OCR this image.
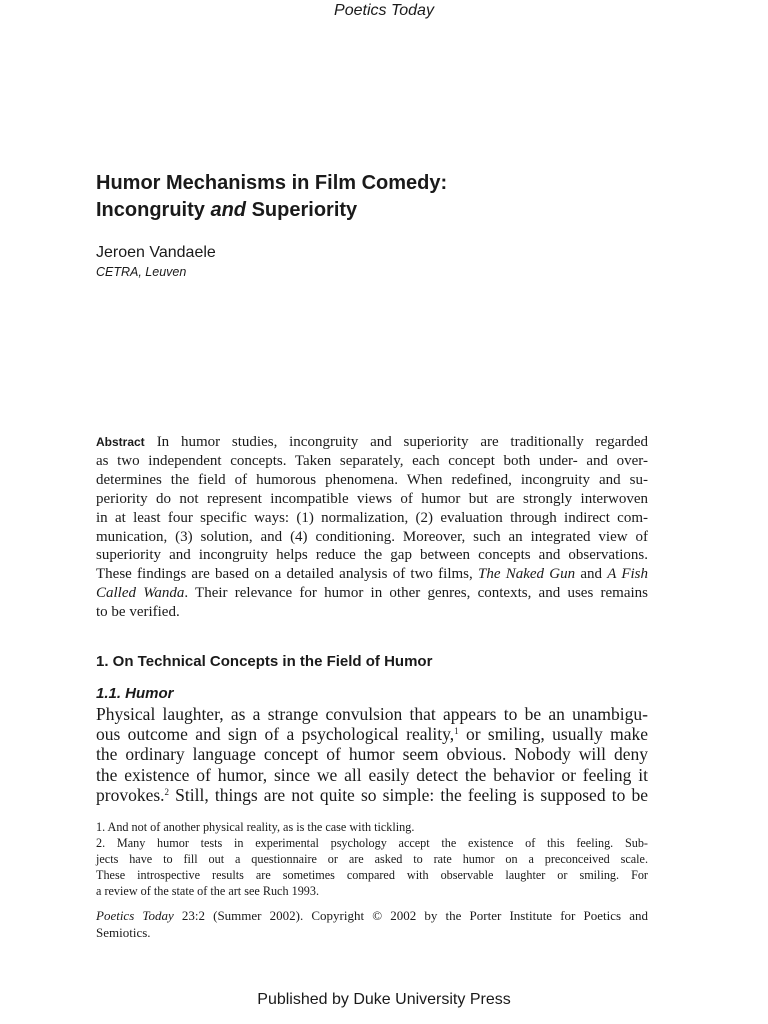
Poetics Today
Humor Mechanisms in Film Comedy:
Incongruity and Superiority
Jeroen Vandaele
CETRA, Leuven
Abstract In humor studies, incongruity and superiority are traditionally regarded
as two independent concepts. Taken separately, each concept both under- and over-
determines the field of humorous phenomena. When redefined, incongruity and su-
periority do not represent incompatible views of humor but are strongly interwoven
in at least four specific ways: (1) normalization, (2) evaluation through indirect com-
munication, (3) solution, and (4) conditioning. Moreover, such an integrated view of
superiority and incongruity helps reduce the gap between concepts and observations.
These findings are based on a detailed analysis of two films, The Naked Gun and A Fish
Called Wanda. Their relevance for humor in other genres, contexts, and uses remains
to be verified.
1. On Technical Concepts in the Field of Humor
1.1. Humor
Physical laughter, as a strange convulsion that appears to be an unambigu-
ous outcome and sign of a psychological reality,$^1$ or smiling, usually make
the ordinary language concept of humor seem obvious. Nobody will deny
the existence of humor, since we all easily detect the behavior or feeling it
provokes.$^2$ Still, things are not quite so simple: the feeling is supposed to be
1. And not of another physical reality, as is the case with tickling.
2. Many humor tests in experimental psychology accept the existence of this feeling. Sub-
jects have to fill out a questionnaire or are asked to rate humor on a preconceived scale.
These introspective results are sometimes compared with observable laughter or smiling. For
a review of the state of the art see Ruch 1993.
Poetics Today 23:2 (Summer 2002). Copyright © 2002 by the Porter Institute for Poetics and
Semiotics.
Published by Duke University Press
